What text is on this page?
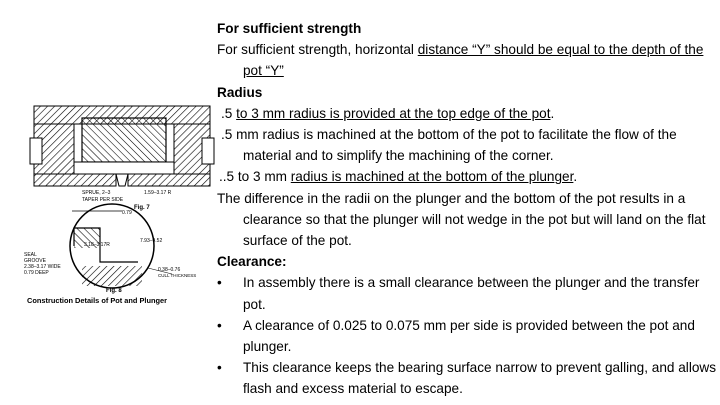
SPRUE, 2–3
TAPER PER SIDE
1.59–3.17 R
Fig. 7
0.79
3.18–3.17R
7.93–9.52
0.38–0.76
CULL THICKNESS
SEAL
GROOVE
2.38–3.17 WIDE
0.79 DEEP
Fig. 8
Construction Details of Pot and Plunger

For sufficient strength

For sufficient strength, horizontal distance “Y” should be equal to the depth of the pot “Y”

Radius

.5 to 3 mm radius is provided at the top edge of the pot.

.5 mm radius is machined at the bottom of the pot to facilitate the flow of the material and to simplify the machining of the corner.

..5 to 3 mm radius is machined at the bottom of the plunger.

The difference in the radii on the plunger and the bottom of the pot results in a clearance so that the plunger will not wedge in the pot but will land on the flat surface of the pot.

Clearance:

•	In assembly there is a small clearance between the plunger and the transfer pot.
•	A clearance of 0.025 to 0.075 mm per side is provided between the pot and plunger.
•	This clearance keeps the bearing surface narrow to prevent galling, and allows flash and excess material to escape.
